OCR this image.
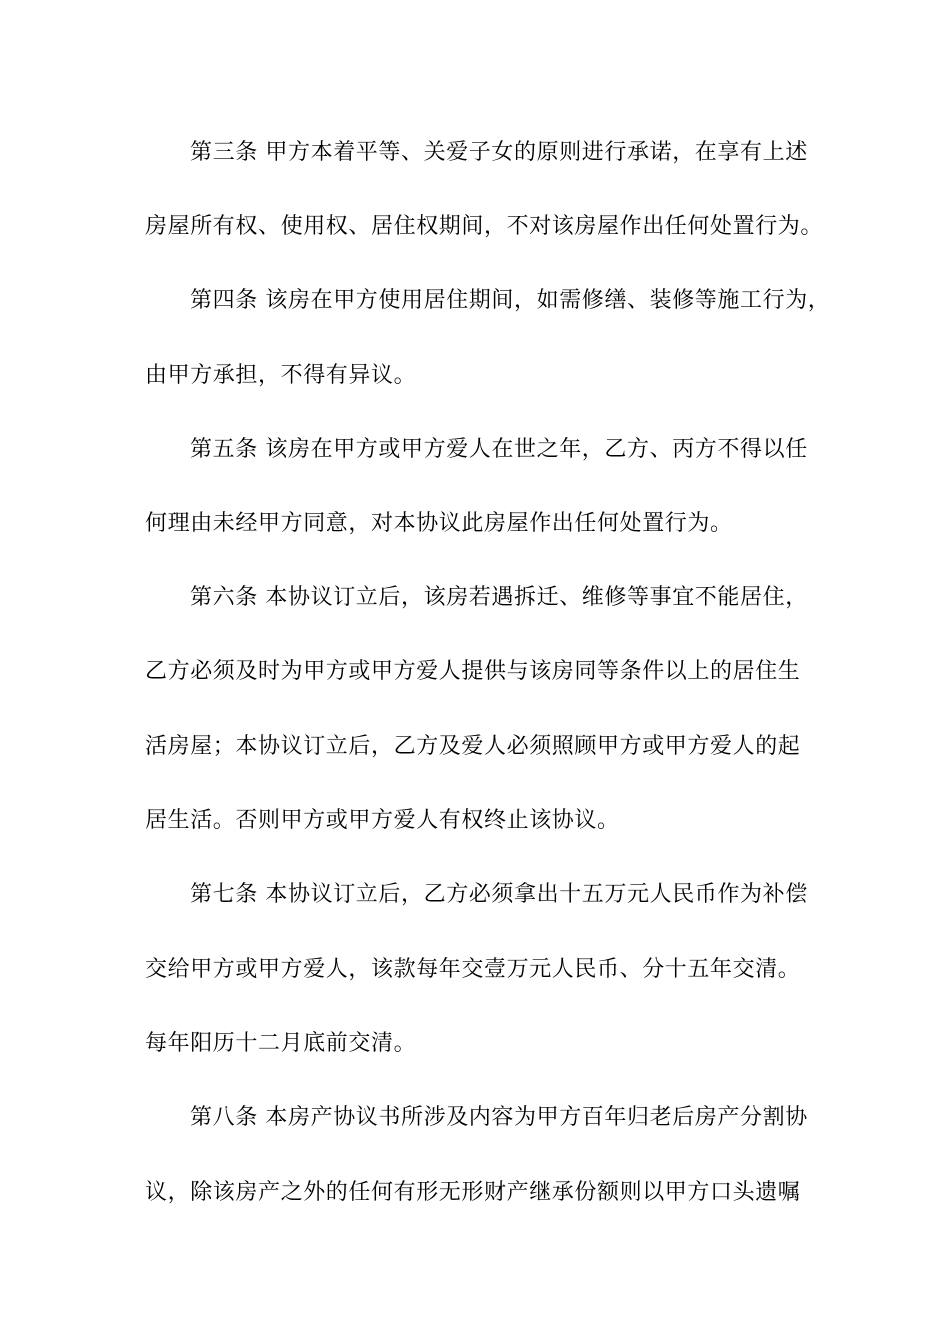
第三条 甲方本着平等、关爱子女的原则进行承诺，在享有上述
房屋所有权、使用权、居住权期间，不对该房屋作出任何处置行为。
第四条 该房在甲方使用居住期间，如需修缮、装修等施工行为，
由甲方承担，不得有异议。
第五条 该房在甲方或甲方爱人在世之年，乙方、丙方不得以任
何理由未经甲方同意，对本协议此房屋作出任何处置行为。
第六条 本协议订立后，该房若遇拆迁、维修等事宜不能居住，
乙方必须及时为甲方或甲方爱人提供与该房同等条件以上的居住生
活房屋；本协议订立后，乙方及爱人必须照顾甲方或甲方爱人的起
居生活。否则甲方或甲方爱人有权终止该协议。
第七条 本协议订立后，乙方必须拿出十五万元人民币作为补偿
交给甲方或甲方爱人，该款每年交壹万元人民币、分十五年交清。
每年阳历十二月底前交清。
第八条 本房产协议书所涉及内容为甲方百年归老后房产分割协
议，除该房产之外的任何有形无形财产继承份额则以甲方口头遗嘱
